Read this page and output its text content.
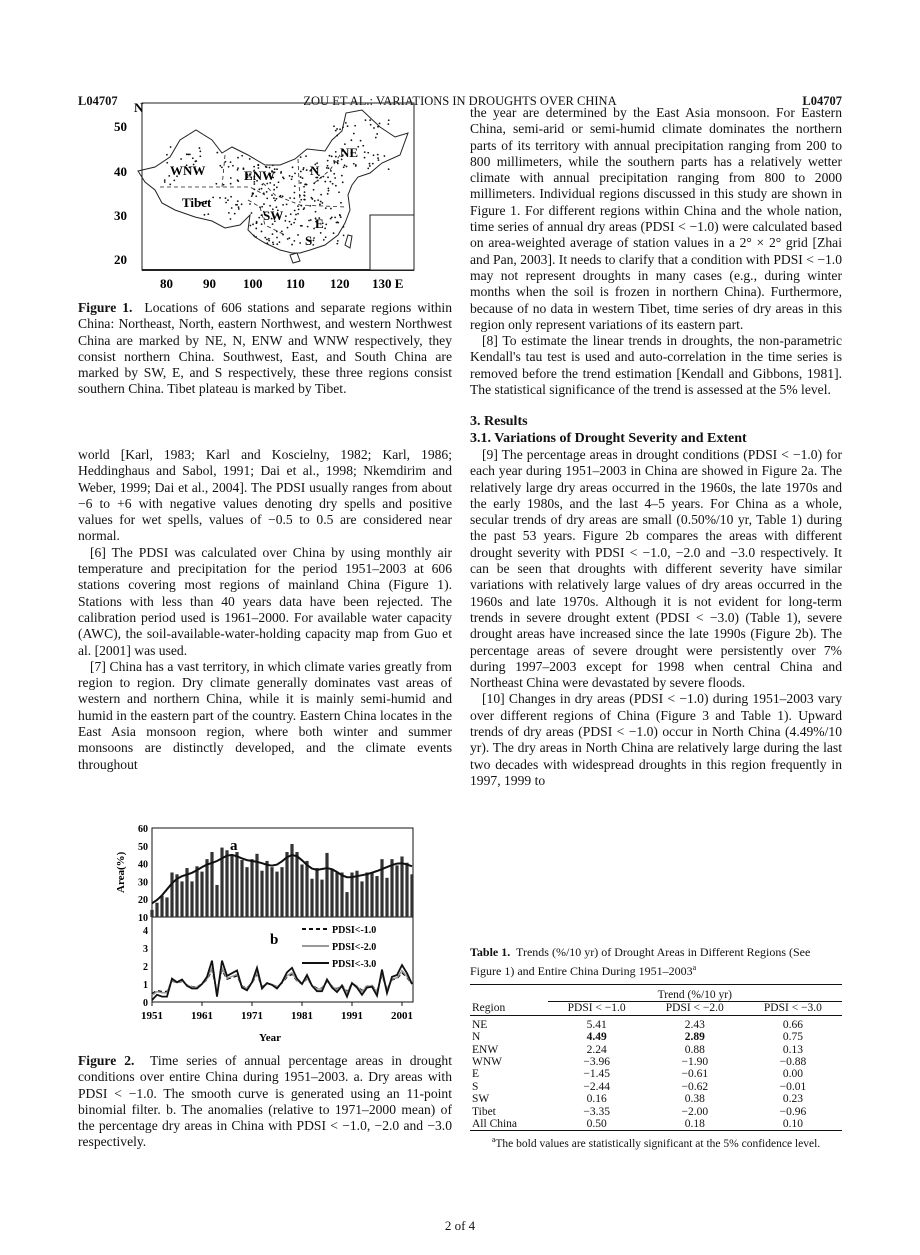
L04707	ZOU ET AL.: VARIATIONS IN DROUGHTS OVER CHINA	L04707
N
50
40
30
20
80 90 100 110 120 130 E
WNW	ENW	N
NE
Tibet
SW
E
S
Figure 1. Locations of 606 stations and separate regions within China: Northeast, North, eastern Northwest, and western Northwest China are marked by NE, N, ENW and WNW respectively, they consist northern China. Southwest, East, and South China are marked by SW, E, and S respectively, these three regions consist southern China. Tibet plateau is marked by Tibet.

world [Karl, 1983; Karl and Koscielny, 1982; Karl, 1986; Heddinghaus and Sabol, 1991; Dai et al., 1998; Nkemdirim and Weber, 1999; Dai et al., 2004]. The PDSI usually ranges from about −6 to +6 with negative values denoting dry spells and positive values for wet spells, values of −0.5 to 0.5 are considered near normal.

[6] The PDSI was calculated over China by using monthly air temperature and precipitation for the period 1951–2003 at 606 stations covering most regions of mainland China (Figure 1). Stations with less than 40 years data have been rejected. The calibration period used is 1961–2000. For available water capacity (AWC), the soil-available-water-holding capacity map from Guo et al. [2001] was used.

[7] China has a vast territory, in which climate varies greatly from region to region. Dry climate generally dominates vast areas of western and northern China, while it is mainly semi-humid and humid in the eastern part of the country. Eastern China locates in the East Asia monsoon region, where both winter and summer monsoons are distinctly developed, and the climate events throughout

60
50
40
30
20
10
4
3
2
1
0
1951	1961	1971	1981	1991	2001
a
b
Area(%)
Year
PDSI<-1.0
PDSI<-2.0
PDSI<-3.0
Figure 2. Time series of annual percentage areas in drought conditions over entire China during 1951–2003. a. Dry areas with PDSI < −1.0. The smooth curve is generated using an 11-point binomial filter. b. The anomalies (relative to 1971–2000 mean) of the percentage dry areas in China with PDSI < −1.0, −2.0 and −3.0 respectively.

the year are determined by the East Asia monsoon. For Eastern China, semi-arid or semi-humid climate dominates the northern parts of its territory with annual precipitation ranging from 200 to 800 millimeters, while the southern parts has a relatively wetter climate with annual precipitation ranging from 800 to 2000 millimeters. Individual regions discussed in this study are shown in Figure 1. For different regions within China and the whole nation, time series of annual dry areas (PDSI < −1.0) were calculated based on area-weighted average of station values in a 2° × 2° grid [Zhai and Pan, 2003]. It needs to clarify that a condition with PDSI < −1.0 may not represent droughts in many cases (e.g., during winter months when the soil is frozen in northern China). Furthermore, because of no data in western Tibet, time series of dry areas in this region only represent variations of its eastern part.

[8] To estimate the linear trends in droughts, the non-parametric Kendall's tau test is used and auto-correlation in the time series is removed before the trend estimation [Kendall and Gibbons, 1981]. The statistical significance of the trend is assessed at the 5% level.

3. Results

3.1. Variations of Drought Severity and Extent

[9] The percentage areas in drought conditions (PDSI < −1.0) for each year during 1951–2003 in China are showed in Figure 2a. The relatively large dry areas occurred in the 1960s, the late 1970s and the early 1980s, and the last 4–5 years. For China as a whole, secular trends of dry areas are small (0.50%/10 yr, Table 1) during the past 53 years. Figure 2b compares the areas with different drought severity with PDSI < −1.0, −2.0 and −3.0 respectively. It can be seen that droughts with different severity have similar variations with relatively large values of dry areas occurred in the 1960s and late 1970s. Although it is not evident for long-term trends in severe drought extent (PDSI < −3.0) (Table 1), severe drought areas have increased since the late 1990s (Figure 2b). The percentage areas of severe drought were persistently over 7% during 1997–2003 except for 1998 when central China and Northeast China were devastated by severe floods.

[10] Changes in dry areas (PDSI < −1.0) during 1951–2003 vary over different regions of China (Figure 3 and Table 1). Upward trends of dry areas (PDSI < −1.0) occur in North China (4.49%/10 yr). The dry areas in North China are relatively large during the last two decades with widespread droughts in this region frequently in 1997, 1999 to

Table 1. Trends (%/10 yr) of Drought Areas in Different Regions (See Figure 1) and Entire China During 1951–2003$^a$
	Trend (%/10 yr)		
Region	PDSI < −1.0	PDSI < −2.0	PDSI < −3.0
NE	5.41	2.43	0.66
N	4.49	2.89	0.75
ENW	2.24	0.88	0.13
WNW	−3.96	−1.90	−0.88
E	−1.45	−0.61	0.00
S	−2.44	−0.62	−0.01
SW	0.16	0.38	0.23
Tibet	−3.35	−2.00	−0.96
All China	0.50	0.18	0.10
$^a$The bold values are statistically significant at the 5% confidence level.
2 of 4
